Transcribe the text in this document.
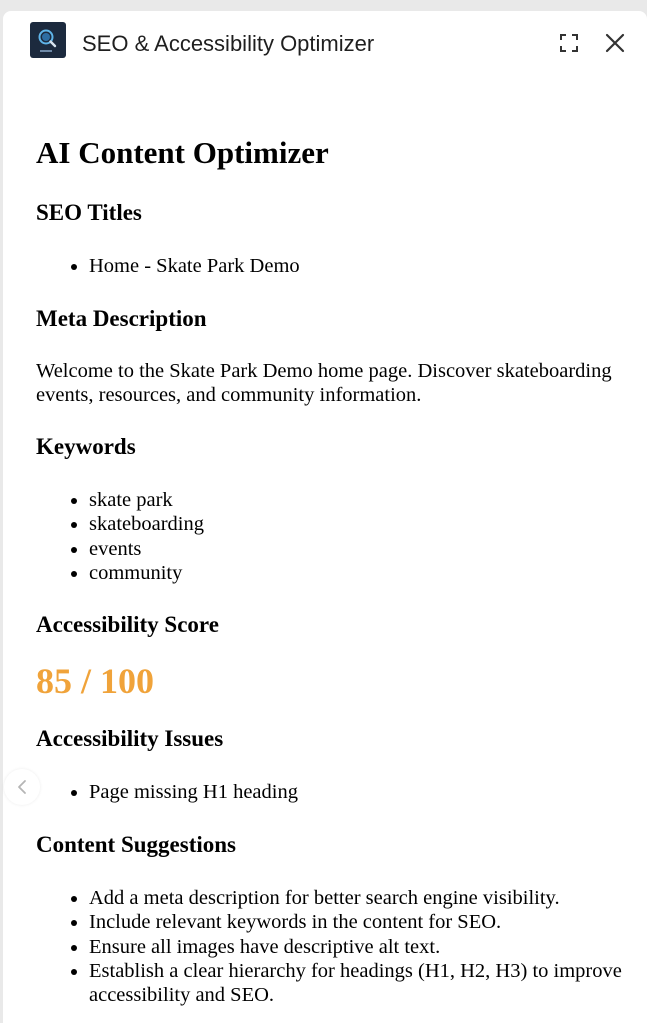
SEO & Accessibility Optimizer
AI Content Optimizer
SEO Titles
• Home - Skate Park Demo
Meta Description

Welcome to the Skate Park Demo home page. Discover skateboarding events, resources, and community information.

Keywords
• skate park
• skateboarding
• events
• community
Accessibility Score
85 / 100
Accessibility Issues
• Page missing H1 heading
Content Suggestions
• Add a meta description for better search engine visibility.
• Include relevant keywords in the content for SEO.
• Ensure all images have descriptive alt text.
• Establish a clear hierarchy for headings (H1, H2, H3) to improve accessibility and SEO.
